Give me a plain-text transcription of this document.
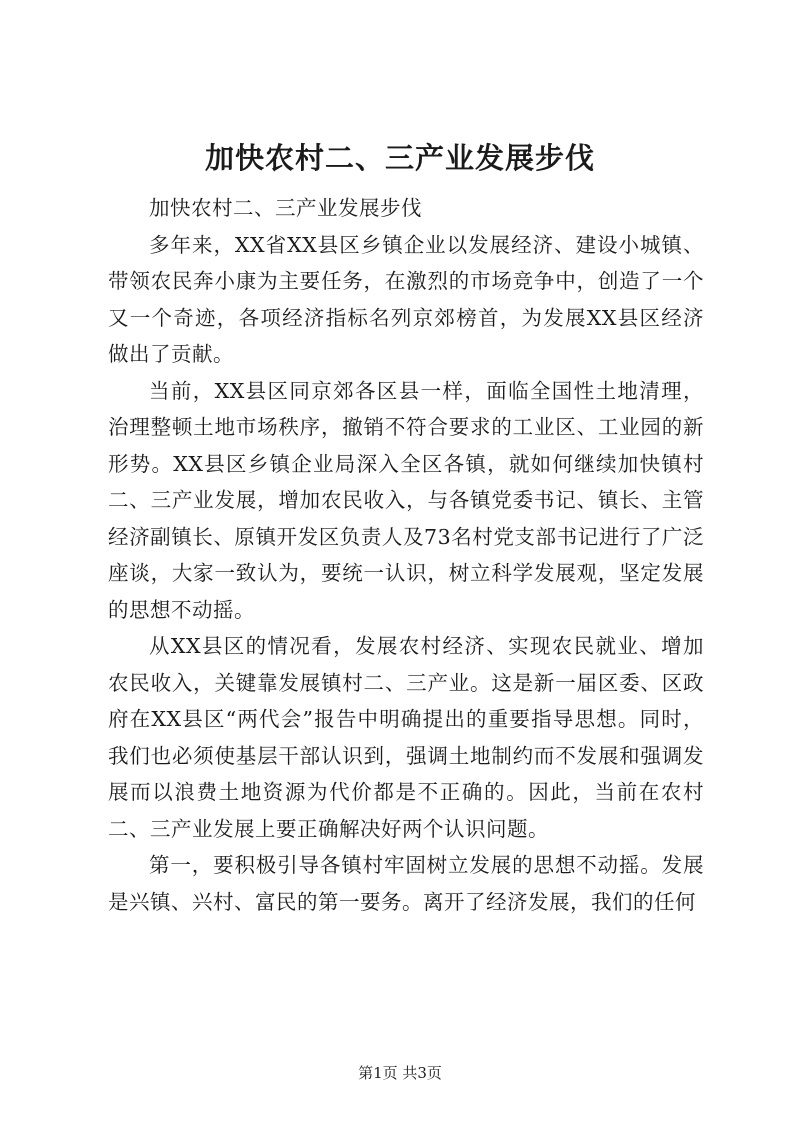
加快农村二、三产业发展步伐

加快农村二、三产业发展步伐

多年来，XX省XX县区乡镇企业以发展经济、建设小城镇、带领农民奔小康为主要任务，在激烈的市场竞争中，创造了一个又一个奇迹，各项经济指标名列京郊榜首，为发展XX县区经济做出了贡献。

当前，XX县区同京郊各区县一样，面临全国性土地清理，治理整顿土地市场秩序，撤销不符合要求的工业区、工业园的新形势。XX县区乡镇企业局深入全区各镇，就如何继续加快镇村二、三产业发展，增加农民收入，与各镇党委书记、镇长、主管经济副镇长、原镇开发区负责人及73名村党支部书记进行了广泛座谈，大家一致认为，要统一认识，树立科学发展观，坚定发展的思想不动摇。

从XX县区的情况看，发展农村经济、实现农民就业、增加农民收入，关键靠发展镇村二、三产业。这是新一届区委、区政府在XX县区“两代会”报告中明确提出的重要指导思想。同时，我们也必须使基层干部认识到，强调土地制约而不发展和强调发展而以浪费土地资源为代价都是不正确的。因此，当前在农村二、三产业发展上要正确解决好两个认识问题。

第一，要积极引导各镇村牢固树立发展的思想不动摇。发展是兴镇、兴村、富民的第一要务。离开了经济发展，我们的任何

第1页 共3页
